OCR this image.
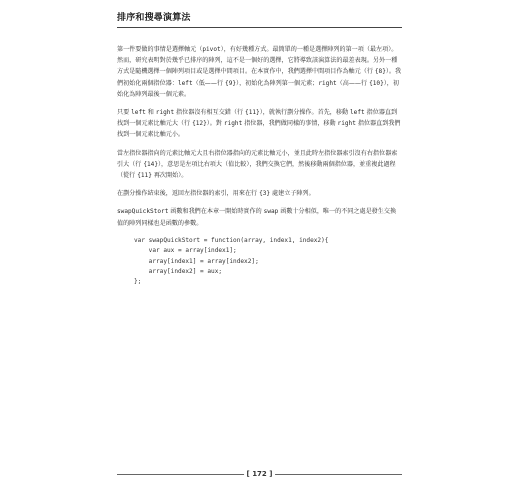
排序和搜尋演算法

第一件要做的事情是選擇軸元（pivot），有好幾種方式。最簡單的一種是選擇陣列的第一項（最左項）。然而，研究表明對於幾乎已排序的陣列，這不是一個好的選擇，它將導致該演算法的最差表現。另外一種方式是隨機選擇一個陣列項目或是選擇中間項目。在本實作中，我們選擇中間項目作為軸元（行 {8}）。我們初始化兩個指位器：left（低——行 {9}），初始化為陣列第一個元素；right（高——行 {10}），初始化為陣列最後一個元素。

只要 left 和 right 指位器沒有相互交錯（行 {11}），就執行劃分操作。首先，移動 left 指位器直到找到一個元素比軸元大（行 {12}）。對 right 指位器，我們做同樣的事情，移動 right 指位器直到我們找到一個元素比軸元小。

當左指位器指向的元素比軸元大且右指位器指向的元素比軸元小，並且此時左指位器索引沒有右指位器索引大（行 {14}），意思是左項比右項大（值比較），我們交換它們，然後移動兩個指位器，並重複此過程（從行 {11} 再次開始）。

在劃分操作結束後，返回左指位器的索引，用來在行 {3} 處建立子陣列。

swapQuickStort 函數和我們在本章一開始時實作的 swap 函數十分相似，唯一的不同之處是發生交換值的陣列同樣也是函數的參數。

var swapQuickStort = function(array, index1, index2){
var aux = array[index1];
array[index1] = array[index2];
array[index2] = aux;
};
[ 172 ]
